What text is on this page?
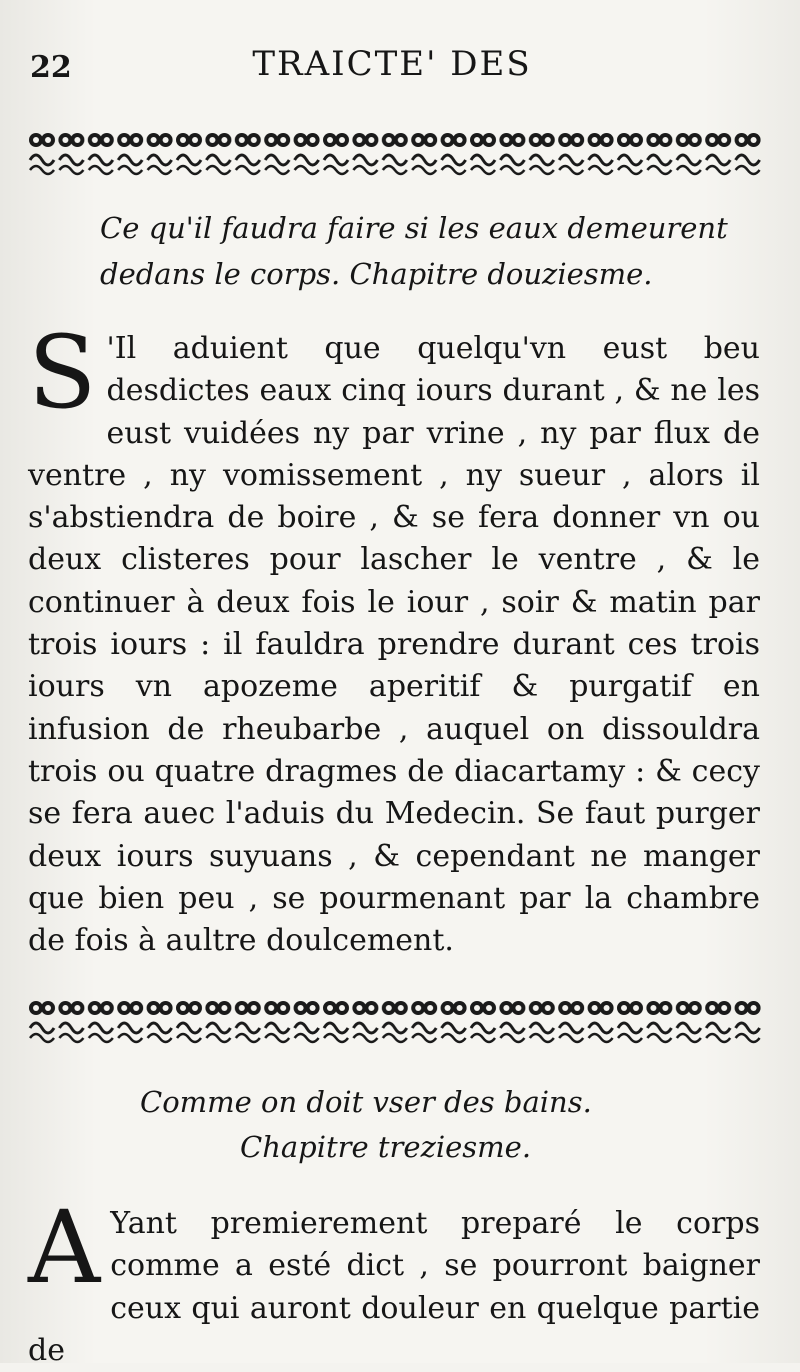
22	TRAICTE' DES
Ce qu'il faudra faire si les eaux demeurent
dedans le corps. Chapitre douziesme.

S 'Il aduient que quelqu'vn eust beu desdictes eaux cinq iours durant , & ne les eust vuidées ny par vrine , ny par flux de ventre , ny vomissement , ny sueur , alors il s'abstiendra de boire , & se fera donner vn ou deux clisteres pour lascher le ventre , & le continuer à deux fois le iour , soir & matin par trois iours : il fauldra prendre durant ces trois iours vn apozeme aperitif & purgatif en infusion de rheubarbe , auquel on dissouldra trois ou quatre dragmes de diacartamy : & cecy se fera auec l'aduis du Medecin. Se faut purger deux iours suyuans , & cependant ne manger que bien peu , se pourmenant par la chambre de fois à aultre doulcement.

Comme on doit vser des bains.
Chapitre treziesme.

A Yant premierement preparé le corps comme a esté dict , se pourront baigner ceux qui auront douleur en quelque partie de
